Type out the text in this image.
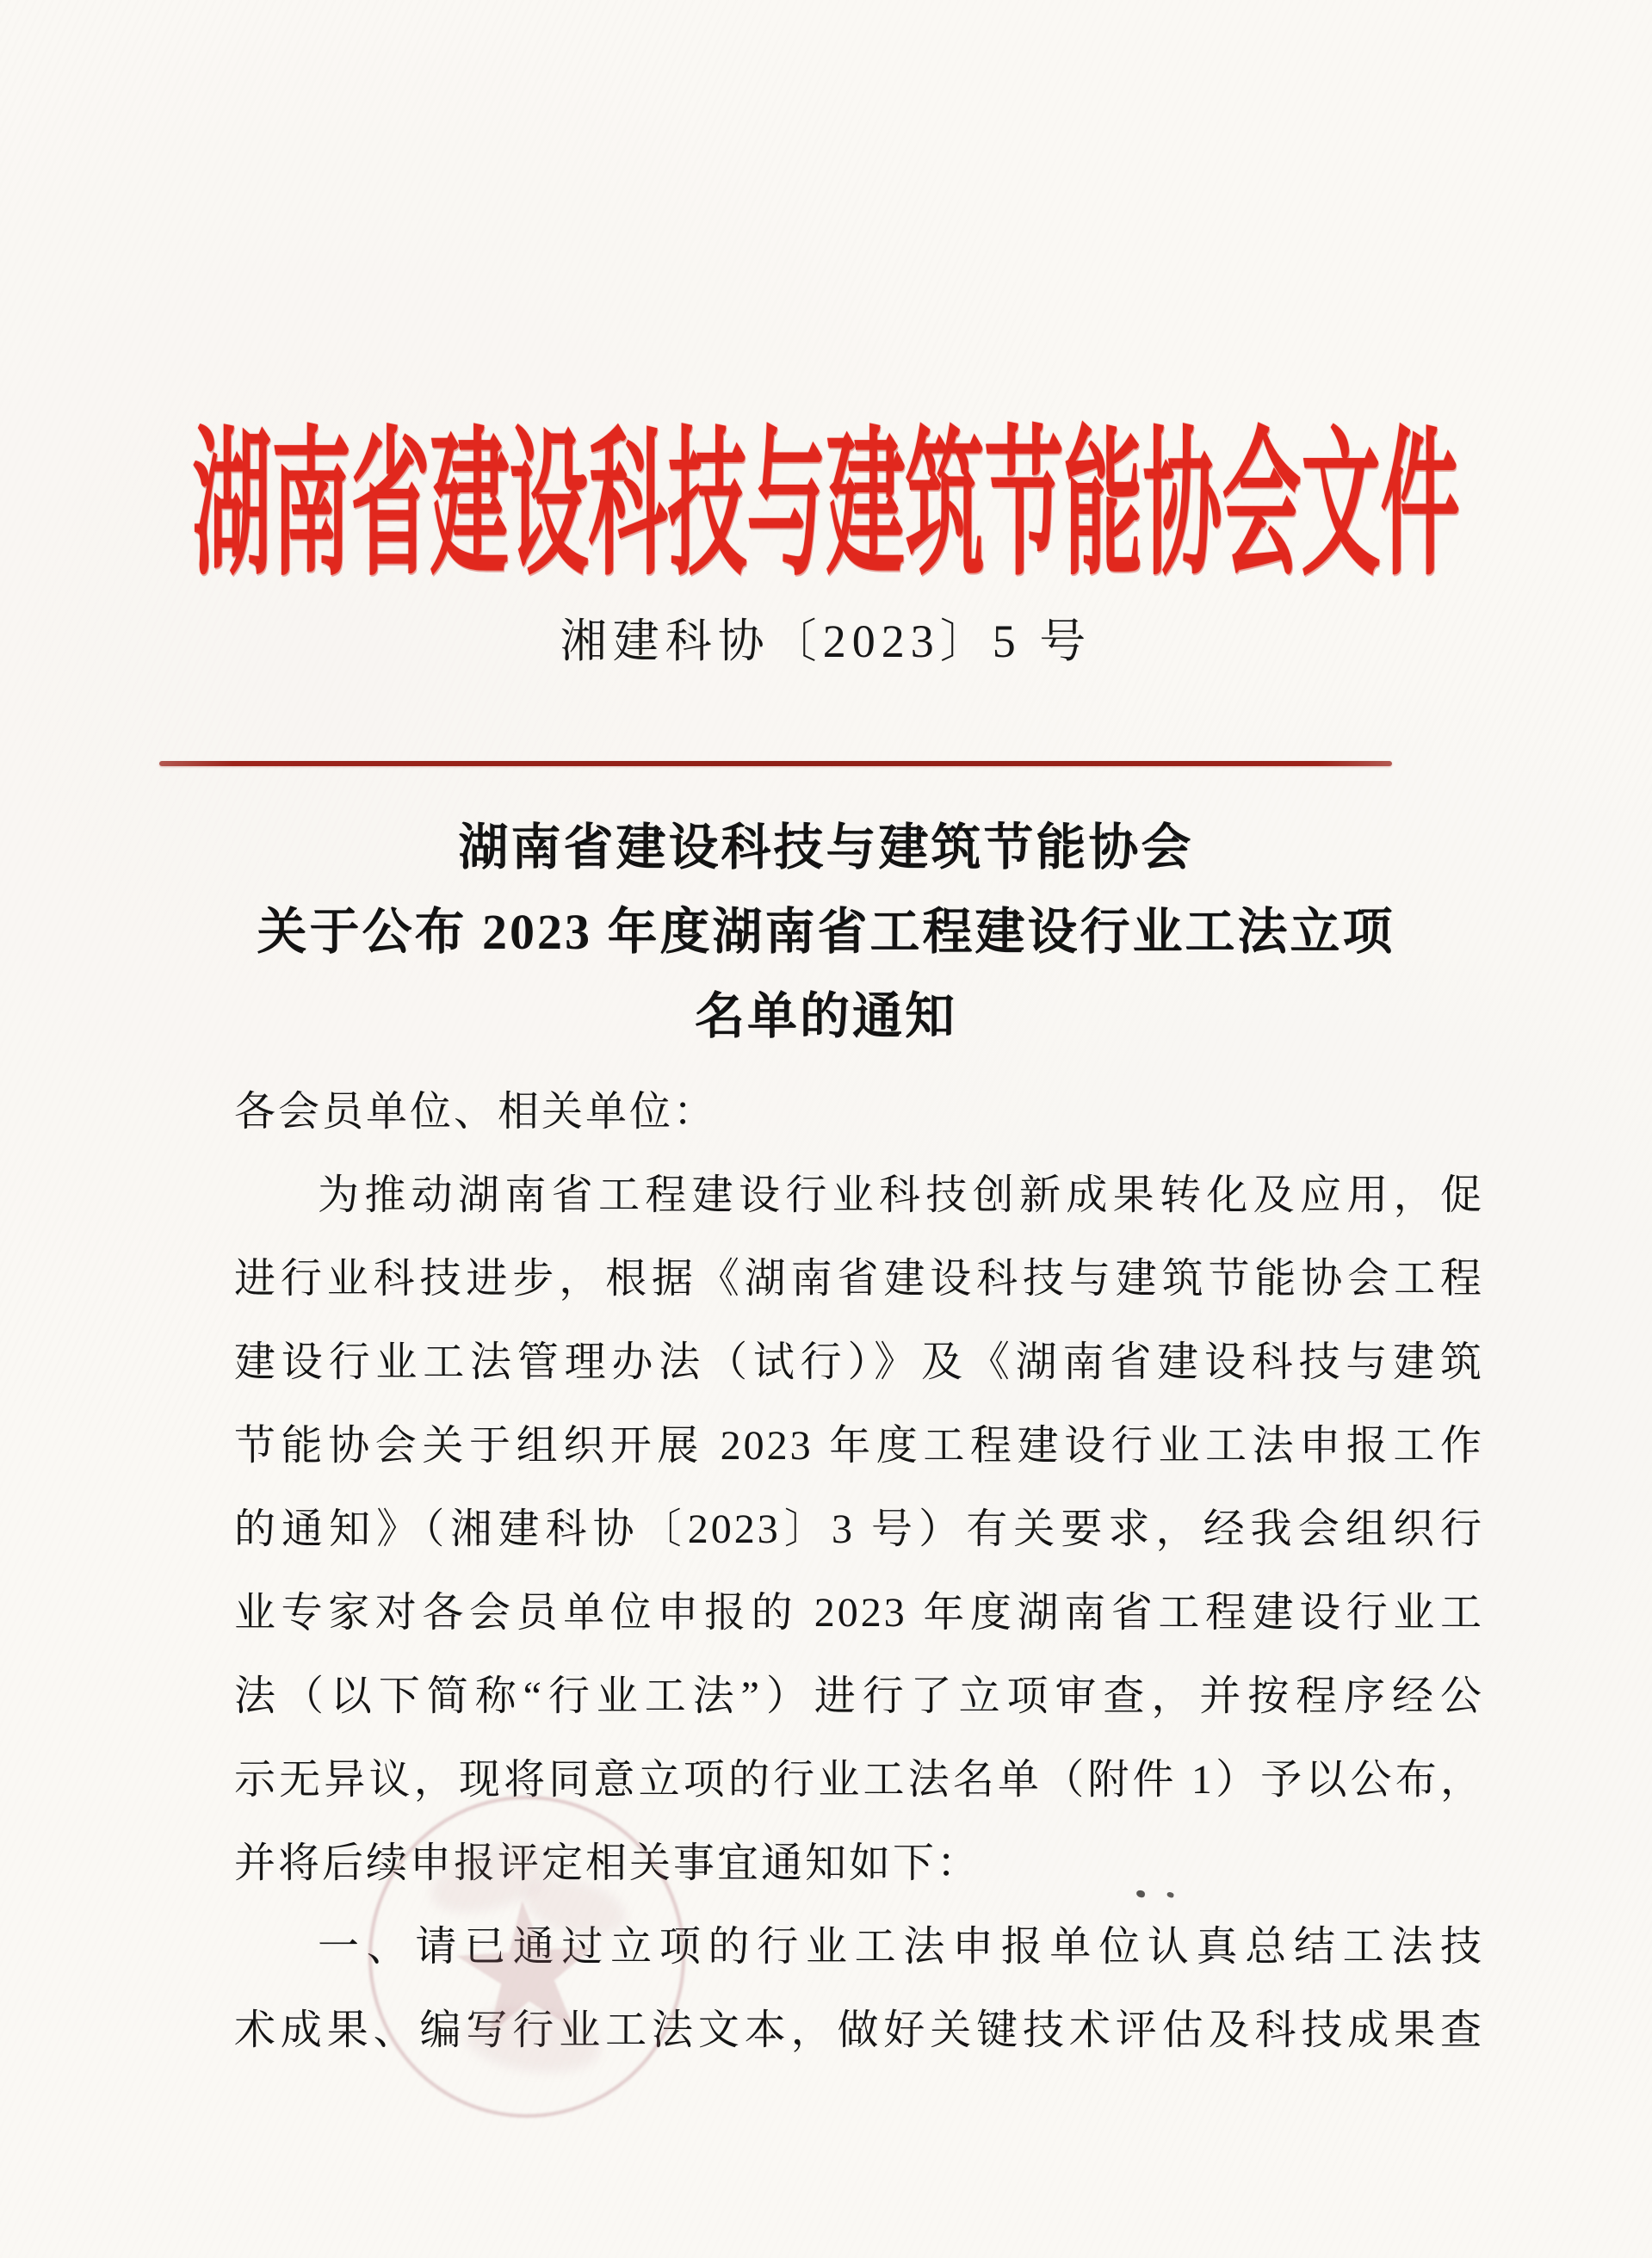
湖南省建设科技与建筑节能协会文件
湘建科协〔2023〕5 号
湖南省建设科技与建筑节能协会
关于公布 2023 年度湖南省工程建设行业工法立项
名单的通知
各会员单位、相关单位：
为推动湖南省工程建设行业科技创新成果转化及应用，促
进行业科技进步，根据《湖南省建设科技与建筑节能协会工程
建设行业工法管理办法（试行）》及《湖南省建设科技与建筑
节能协会关于组织开展 2023 年度工程建设行业工法申报工作
的通知》（湘建科协〔2023〕3 号）有关要求，经我会组织行
业专家对各会员单位申报的 2023 年度湖南省工程建设行业工
法（以下简称“行业工法”）进行了立项审查，并按程序经公
示无异议，现将同意立项的行业工法名单（附件 1）予以公布，
并将后续申报评定相关事宜通知如下：
一、请已通过立项的行业工法申报单位认真总结工法技
术成果、编写行业工法文本，做好关键技术评估及科技成果查
★
